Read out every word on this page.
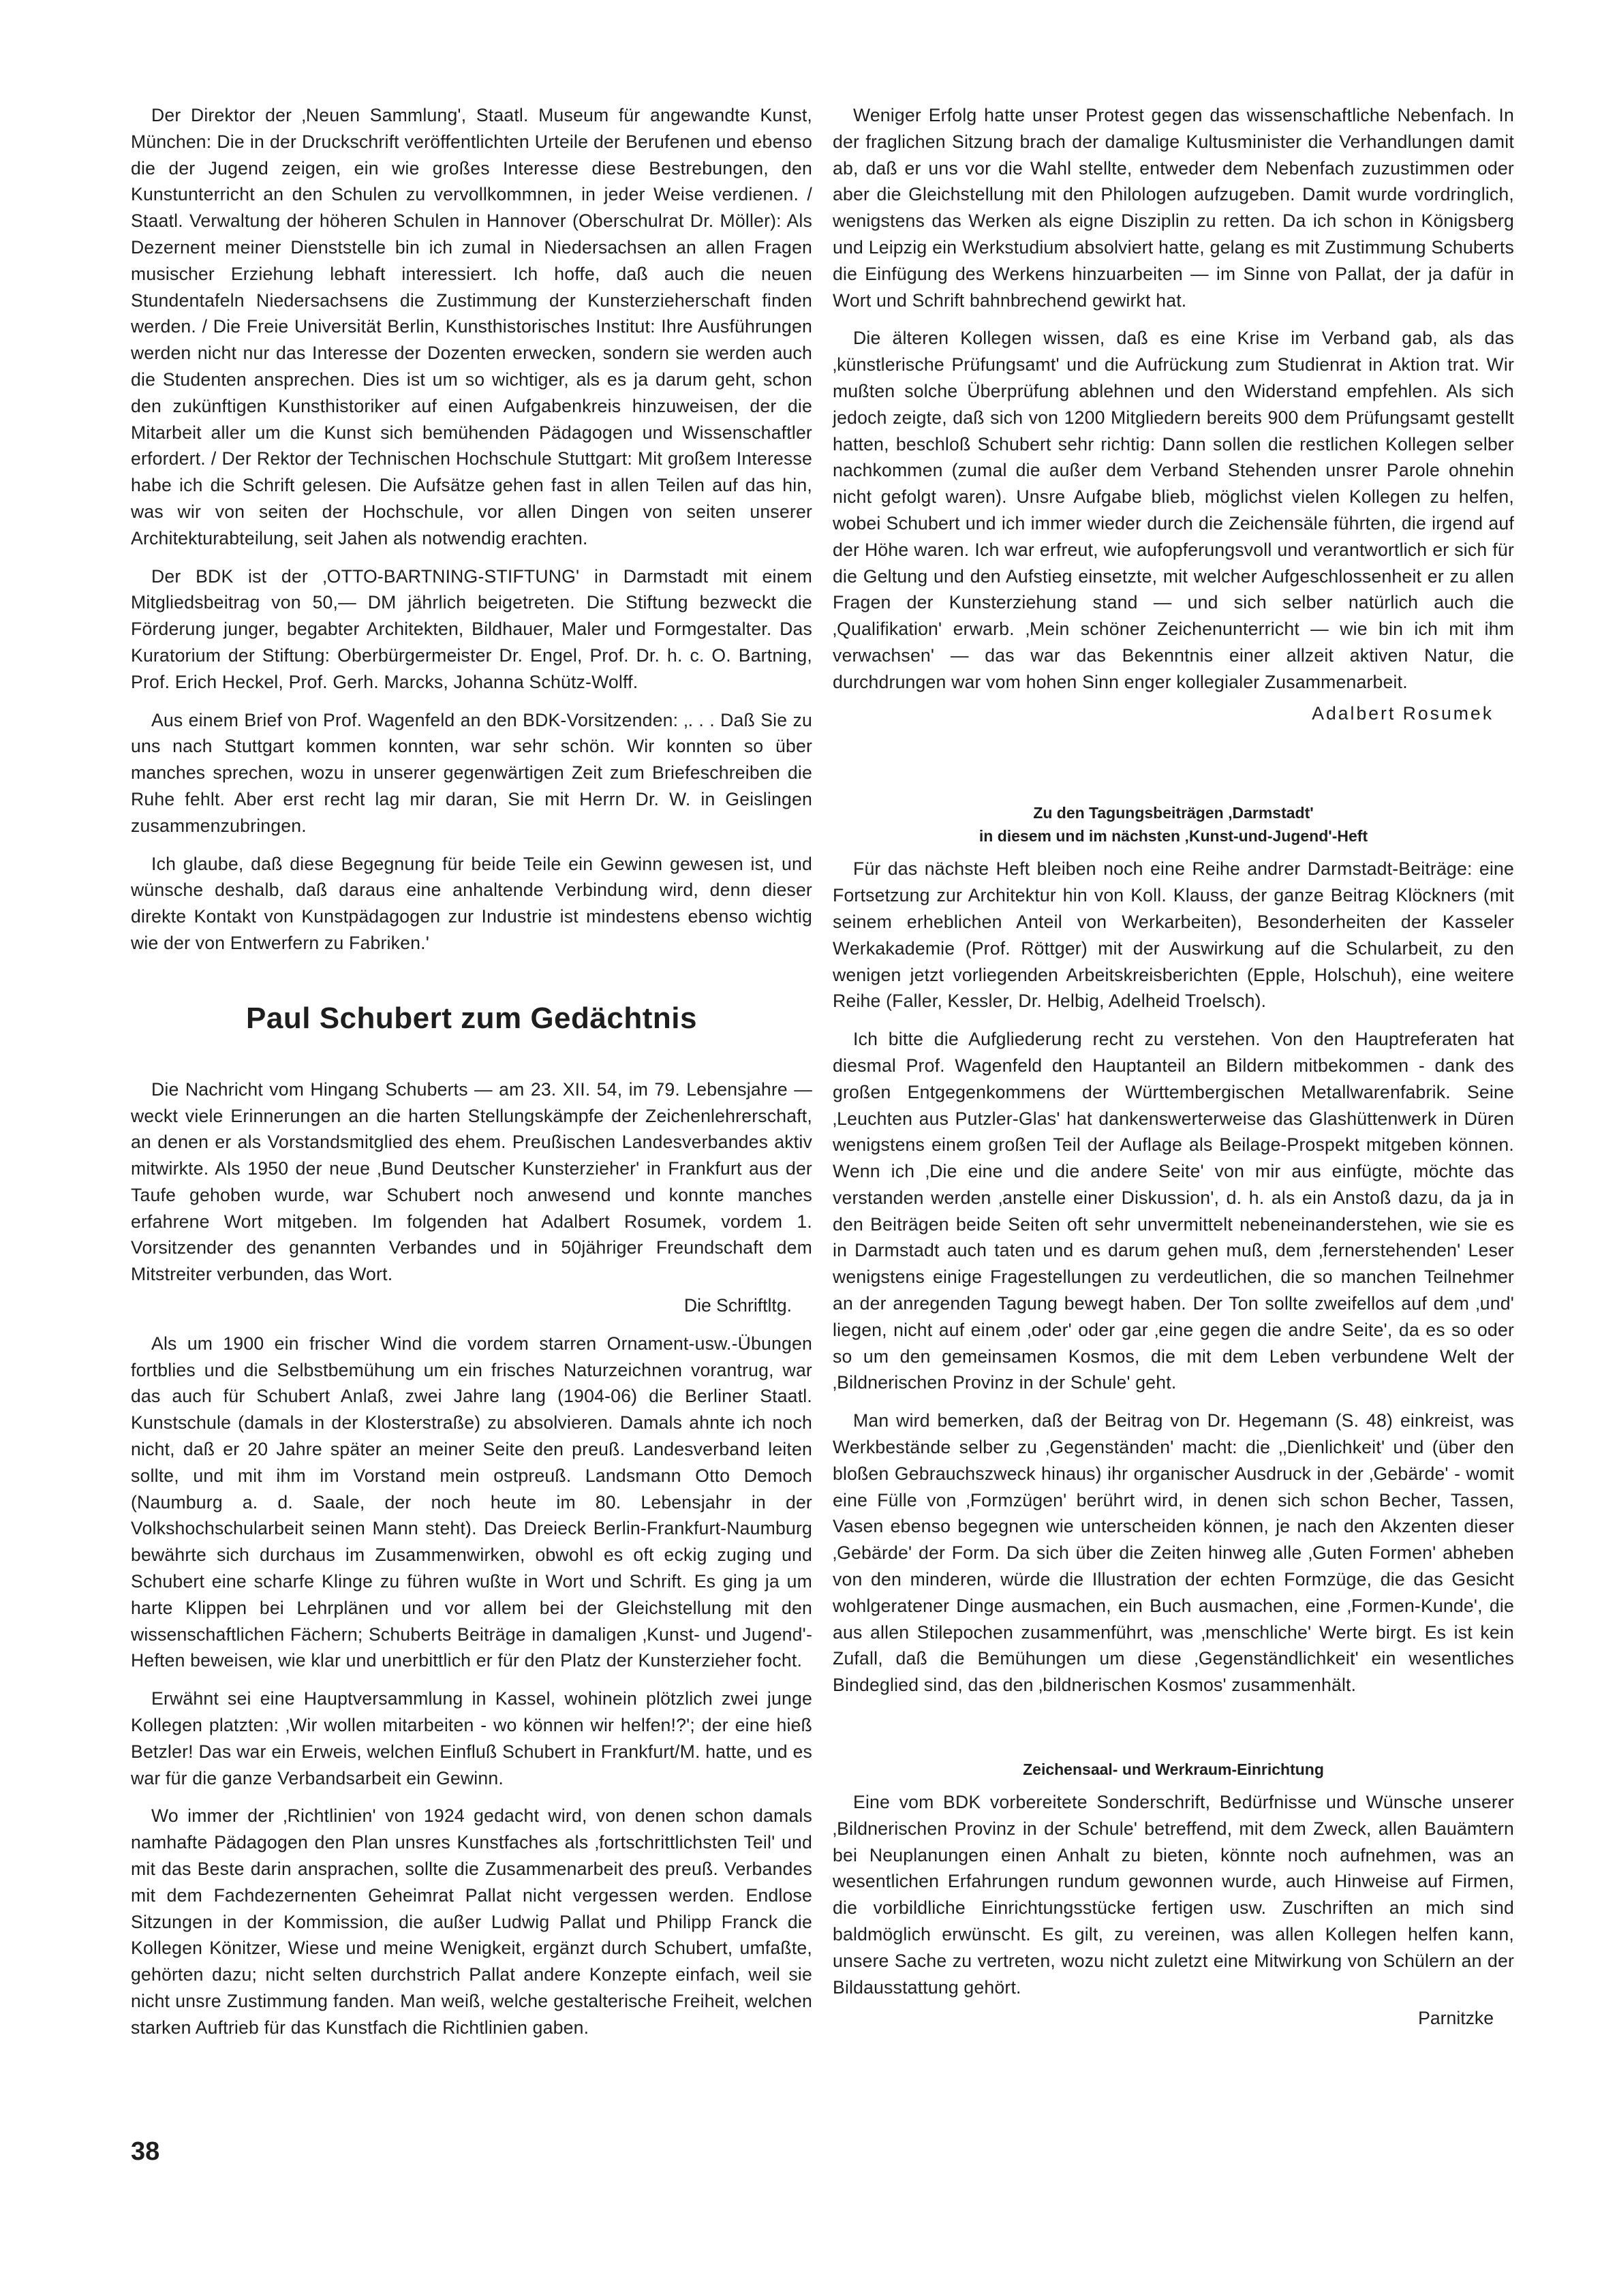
Der Direktor der ‚Neuen Sammlung', Staatl. Museum für angewandte Kunst, München: Die in der Druckschrift veröffentlichten Urteile der Berufenen und ebenso die der Jugend zeigen, ein wie großes Interesse diese Bestrebungen, den Kunstunterricht an den Schulen zu vervollkommnen, in jeder Weise verdienen. / Staatl. Verwaltung der höheren Schulen in Hannover (Oberschulrat Dr. Möller): Als Dezernent meiner Dienststelle bin ich zumal in Niedersachsen an allen Fragen musischer Erziehung lebhaft interessiert. Ich hoffe, daß auch die neuen Stundentafeln Niedersachsens die Zustimmung der Kunsterzieherschaft finden werden. / Die Freie Universität Berlin, Kunsthistorisches Institut: Ihre Ausführungen werden nicht nur das Interesse der Dozenten erwecken, sondern sie werden auch die Studenten ansprechen. Dies ist um so wichtiger, als es ja darum geht, schon den zukünftigen Kunsthistoriker auf einen Aufgabenkreis hinzuweisen, der die Mitarbeit aller um die Kunst sich bemühenden Pädagogen und Wissenschaftler erfordert. / Der Rektor der Technischen Hochschule Stuttgart: Mit großem Interesse habe ich die Schrift gelesen. Die Aufsätze gehen fast in allen Teilen auf das hin, was wir von seiten der Hochschule, vor allen Dingen von seiten unserer Architekturabteilung, seit Jahen als notwendig erachten.

Der BDK ist der ‚OTTO-BARTNING-STIFTUNG' in Darmstadt mit einem Mitgliedsbeitrag von 50,— DM jährlich beigetreten. Die Stiftung bezweckt die Förderung junger, begabter Architekten, Bildhauer, Maler und Formgestalter. Das Kuratorium der Stiftung: Oberbürgermeister Dr. Engel, Prof. Dr. h. c. O. Bartning, Prof. Erich Heckel, Prof. Gerh. Marcks, Johanna Schütz-Wolff.

Aus einem Brief von Prof. Wagenfeld an den BDK-Vorsitzenden: ‚. . . Daß Sie zu uns nach Stuttgart kommen konnten, war sehr schön. Wir konnten so über manches sprechen, wozu in unserer gegenwärtigen Zeit zum Briefeschreiben die Ruhe fehlt. Aber erst recht lag mir daran, Sie mit Herrn Dr. W. in Geislingen zusammenzubringen.

Ich glaube, daß diese Begegnung für beide Teile ein Gewinn gewesen ist, und wünsche deshalb, daß daraus eine anhaltende Verbindung wird, denn dieser direkte Kontakt von Kunstpädagogen zur Industrie ist mindestens ebenso wichtig wie der von Entwerfern zu Fabriken.'

Paul Schubert zum Gedächtnis

Die Nachricht vom Hingang Schuberts — am 23. XII. 54, im 79. Lebensjahre — weckt viele Erinnerungen an die harten Stellungskämpfe der Zeichenlehrerschaft, an denen er als Vorstandsmitglied des ehem. Preußischen Landesverbandes aktiv mitwirkte. Als 1950 der neue ‚Bund Deutscher Kunsterzieher' in Frankfurt aus der Taufe gehoben wurde, war Schubert noch anwesend und konnte manches erfahrene Wort mitgeben. Im folgenden hat Adalbert Rosumek, vordem 1. Vorsitzender des genannten Verbandes und in 50jähriger Freundschaft dem Mitstreiter verbunden, das Wort.

Die Schriftltg.

Als um 1900 ein frischer Wind die vordem starren Ornament-usw.-Übungen fortblies und die Selbstbemühung um ein frisches Naturzeichnen vorantrug, war das auch für Schubert Anlaß, zwei Jahre lang (1904-06) die Berliner Staatl. Kunstschule (damals in der Klosterstraße) zu absolvieren. Damals ahnte ich noch nicht, daß er 20 Jahre später an meiner Seite den preuß. Landesverband leiten sollte, und mit ihm im Vorstand mein ostpreuß. Landsmann Otto Democh (Naumburg a. d. Saale, der noch heute im 80. Lebensjahr in der Volkshochschularbeit seinen Mann steht). Das Dreieck Berlin-Frankfurt-Naumburg bewährte sich durchaus im Zusammenwirken, obwohl es oft eckig zuging und Schubert eine scharfe Klinge zu führen wußte in Wort und Schrift. Es ging ja um harte Klippen bei Lehrplänen und vor allem bei der Gleichstellung mit den wissenschaftlichen Fächern; Schuberts Beiträge in damaligen ‚Kunst- und Jugend'-Heften beweisen, wie klar und unerbittlich er für den Platz der Kunsterzieher focht.

Erwähnt sei eine Hauptversammlung in Kassel, wohinein plötzlich zwei junge Kollegen platzten: ‚Wir wollen mitarbeiten - wo können wir helfen!?'; der eine hieß Betzler! Das war ein Erweis, welchen Einfluß Schubert in Frankfurt/M. hatte, und es war für die ganze Verbandsarbeit ein Gewinn.

Wo immer der ‚Richtlinien' von 1924 gedacht wird, von denen schon damals namhafte Pädagogen den Plan unsres Kunstfaches als ‚fortschrittlichsten Teil' und mit das Beste darin ansprachen, sollte die Zusammenarbeit des preuß. Verbandes mit dem Fachdezernenten Geheimrat Pallat nicht vergessen werden. Endlose Sitzungen in der Kommission, die außer Ludwig Pallat und Philipp Franck die Kollegen Könitzer, Wiese und meine Wenigkeit, ergänzt durch Schubert, umfaßte, gehörten dazu; nicht selten durchstrich Pallat andere Konzepte einfach, weil sie nicht unsre Zustimmung fanden. Man weiß, welche gestalterische Freiheit, welchen starken Auftrieb für das Kunstfach die Richtlinien gaben.

Weniger Erfolg hatte unser Protest gegen das wissenschaftliche Nebenfach. In der fraglichen Sitzung brach der damalige Kultusminister die Verhandlungen damit ab, daß er uns vor die Wahl stellte, entweder dem Nebenfach zuzustimmen oder aber die Gleichstellung mit den Philologen aufzugeben. Damit wurde vordringlich, wenigstens das Werken als eigne Disziplin zu retten. Da ich schon in Königsberg und Leipzig ein Werkstudium absolviert hatte, gelang es mit Zustimmung Schuberts die Einfügung des Werkens hinzuarbeiten — im Sinne von Pallat, der ja dafür in Wort und Schrift bahnbrechend gewirkt hat.

Die älteren Kollegen wissen, daß es eine Krise im Verband gab, als das ‚künstlerische Prüfungsamt' und die Aufrückung zum Studienrat in Aktion trat. Wir mußten solche Überprüfung ablehnen und den Widerstand empfehlen. Als sich jedoch zeigte, daß sich von 1200 Mitgliedern bereits 900 dem Prüfungsamt gestellt hatten, beschloß Schubert sehr richtig: Dann sollen die restlichen Kollegen selber nachkommen (zumal die außer dem Verband Stehenden unsrer Parole ohnehin nicht gefolgt waren). Unsre Aufgabe blieb, möglichst vielen Kollegen zu helfen, wobei Schubert und ich immer wieder durch die Zeichensäle führten, die irgend auf der Höhe waren. Ich war erfreut, wie aufopferungsvoll und verantwortlich er sich für die Geltung und den Aufstieg einsetzte, mit welcher Aufgeschlossenheit er zu allen Fragen der Kunsterziehung stand — und sich selber natürlich auch die ‚Qualifikation' erwarb. ‚Mein schöner Zeichenunterricht — wie bin ich mit ihm verwachsen' — das war das Bekenntnis einer allzeit aktiven Natur, die durchdrungen war vom hohen Sinn enger kollegialer Zusammenarbeit.

Adalbert Rosumek
Zu den Tagungsbeiträgen ‚Darmstadt'
in diesem und im nächsten ‚Kunst-und-Jugend'-Heft

Für das nächste Heft bleiben noch eine Reihe andrer Darmstadt-Beiträge: eine Fortsetzung zur Architektur hin von Koll. Klauss, der ganze Beitrag Klöckners (mit seinem erheblichen Anteil von Werkarbeiten), Besonderheiten der Kasseler Werkakademie (Prof. Röttger) mit der Auswirkung auf die Schularbeit, zu den wenigen jetzt vorliegenden Arbeitskreisberichten (Epple, Holschuh), eine weitere Reihe (Faller, Kessler, Dr. Helbig, Adelheid Troelsch).

Ich bitte die Aufgliederung recht zu verstehen. Von den Hauptreferaten hat diesmal Prof. Wagenfeld den Hauptanteil an Bildern mitbekommen - dank des großen Entgegenkommens der Württembergischen Metallwarenfabrik. Seine ‚Leuchten aus Putzler-Glas' hat dankenswerterweise das Glashüttenwerk in Düren wenigstens einem großen Teil der Auflage als Beilage-Prospekt mitgeben können. Wenn ich ‚Die eine und die andere Seite' von mir aus einfügte, möchte das verstanden werden ‚anstelle einer Diskussion', d. h. als ein Anstoß dazu, da ja in den Beiträgen beide Seiten oft sehr unvermittelt nebeneinanderstehen, wie sie es in Darmstadt auch taten und es darum gehen muß, dem ‚fernerstehenden' Leser wenigstens einige Fragestellungen zu verdeutlichen, die so manchen Teilnehmer an der anregenden Tagung bewegt haben. Der Ton sollte zweifellos auf dem ‚und' liegen, nicht auf einem ‚oder' oder gar ‚eine gegen die andre Seite', da es so oder so um den gemeinsamen Kosmos, die mit dem Leben verbundene Welt der ‚Bildnerischen Provinz in der Schule' geht.

Man wird bemerken, daß der Beitrag von Dr. Hegemann (S. 48) einkreist, was Werkbestände selber zu ‚Gegenständen' macht: die ‚‚Dienlichkeit' und (über den bloßen Gebrauchszweck hinaus) ihr organischer Ausdruck in der ‚Gebärde' - womit eine Fülle von ‚Formzügen' berührt wird, in denen sich schon Becher, Tassen, Vasen ebenso begegnen wie unterscheiden können, je nach den Akzenten dieser ‚Gebärde' der Form. Da sich über die Zeiten hinweg alle ‚Guten Formen' abheben von den minderen, würde die Illustration der echten Formzüge, die das Gesicht wohlgeratener Dinge ausmachen, ein Buch ausmachen, eine ‚Formen-Kunde', die aus allen Stilepochen zusammenführt, was ‚menschliche' Werte birgt. Es ist kein Zufall, daß die Bemühungen um diese ‚Gegenständlichkeit' ein wesentliches Bindeglied sind, das den ‚bildnerischen Kosmos' zusammenhält.

Zeichensaal- und Werkraum-Einrichtung

Eine vom BDK vorbereitete Sonderschrift, Bedürfnisse und Wünsche unserer ‚Bildnerischen Provinz in der Schule' betreffend, mit dem Zweck, allen Bauämtern bei Neuplanungen einen Anhalt zu bieten, könnte noch aufnehmen, was an wesentlichen Erfahrungen rundum gewonnen wurde, auch Hinweise auf Firmen, die vorbildliche Einrichtungsstücke fertigen usw. Zuschriften an mich sind baldmöglich erwünscht. Es gilt, zu vereinen, was allen Kollegen helfen kann, unsere Sache zu vertreten, wozu nicht zuletzt eine Mitwirkung von Schülern an der Bildausstattung gehört.

Parnitzke
38
